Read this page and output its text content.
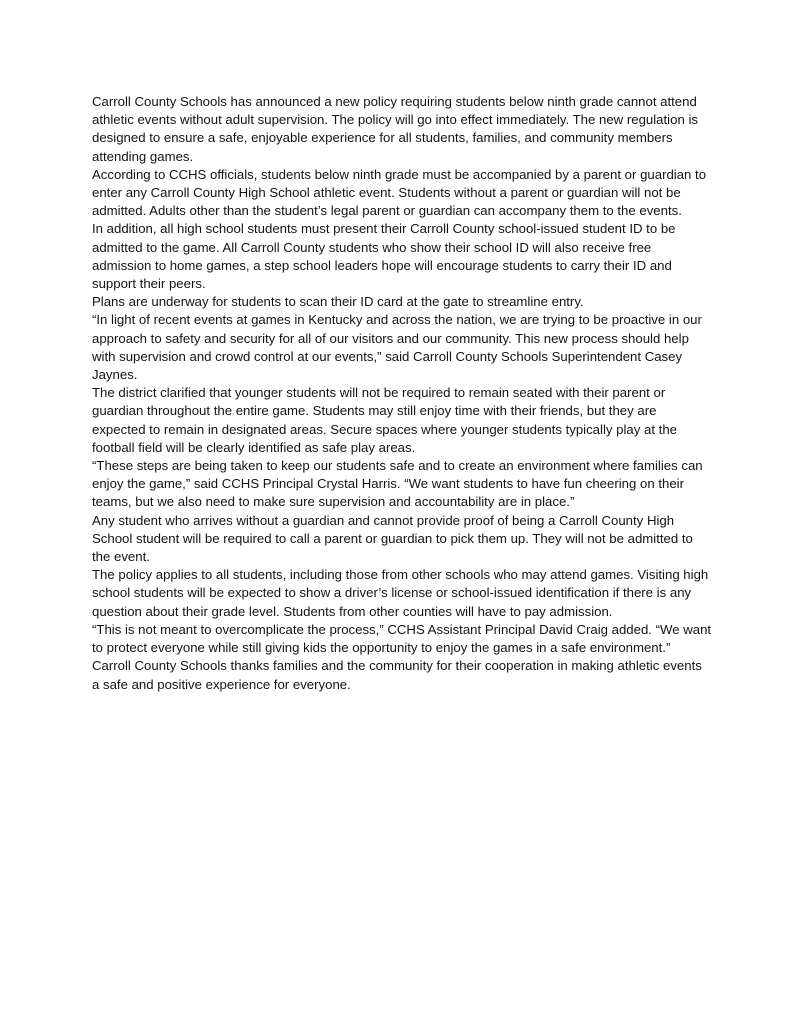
Carroll County Schools has announced a new policy requiring students below ninth grade cannot attend athletic events without adult supervision. The policy will go into effect immediately. The new regulation is designed to ensure a safe, enjoyable experience for all students, families, and community members attending games.

According to CCHS officials, students below ninth grade must be accompanied by a parent or guardian to enter any Carroll County High School athletic event. Students without a parent or guardian will not be admitted. Adults other than the student’s legal parent or guardian can accompany them to the events.

In addition, all high school students must present their Carroll County school-issued student ID to be admitted to the game. All Carroll County students who show their school ID will also receive free admission to home games, a step school leaders hope will encourage students to carry their ID and support their peers.

Plans are underway for students to scan their ID card at the gate to streamline entry.

“In light of recent events at games in Kentucky and across the nation, we are trying to be proactive in our approach to safety and security for all of our visitors and our community. This new process should help with supervision and crowd control at our events,” said Carroll County Schools Superintendent Casey Jaynes.

The district clarified that younger students will not be required to remain seated with their parent or guardian throughout the entire game. Students may still enjoy time with their friends, but they are expected to remain in designated areas. Secure spaces where younger students typically play at the football field will be clearly identified as safe play areas.

“These steps are being taken to keep our students safe and to create an environment where families can enjoy the game,” said CCHS Principal Crystal Harris. “We want students to have fun cheering on their teams, but we also need to make sure supervision and accountability are in place.”

Any student who arrives without a guardian and cannot provide proof of being a Carroll County High School student will be required to call a parent or guardian to pick them up. They will not be admitted to the event.

The policy applies to all students, including those from other schools who may attend games. Visiting high school students will be expected to show a driver’s license or school-issued identification if there is any question about their grade level. Students from other counties will have to pay admission.

“This is not meant to overcomplicate the process,” CCHS Assistant Principal David Craig added. “We want to protect everyone while still giving kids the opportunity to enjoy the games in a safe environment.”

Carroll County Schools thanks families and the community for their cooperation in making athletic events a safe and positive experience for everyone.
